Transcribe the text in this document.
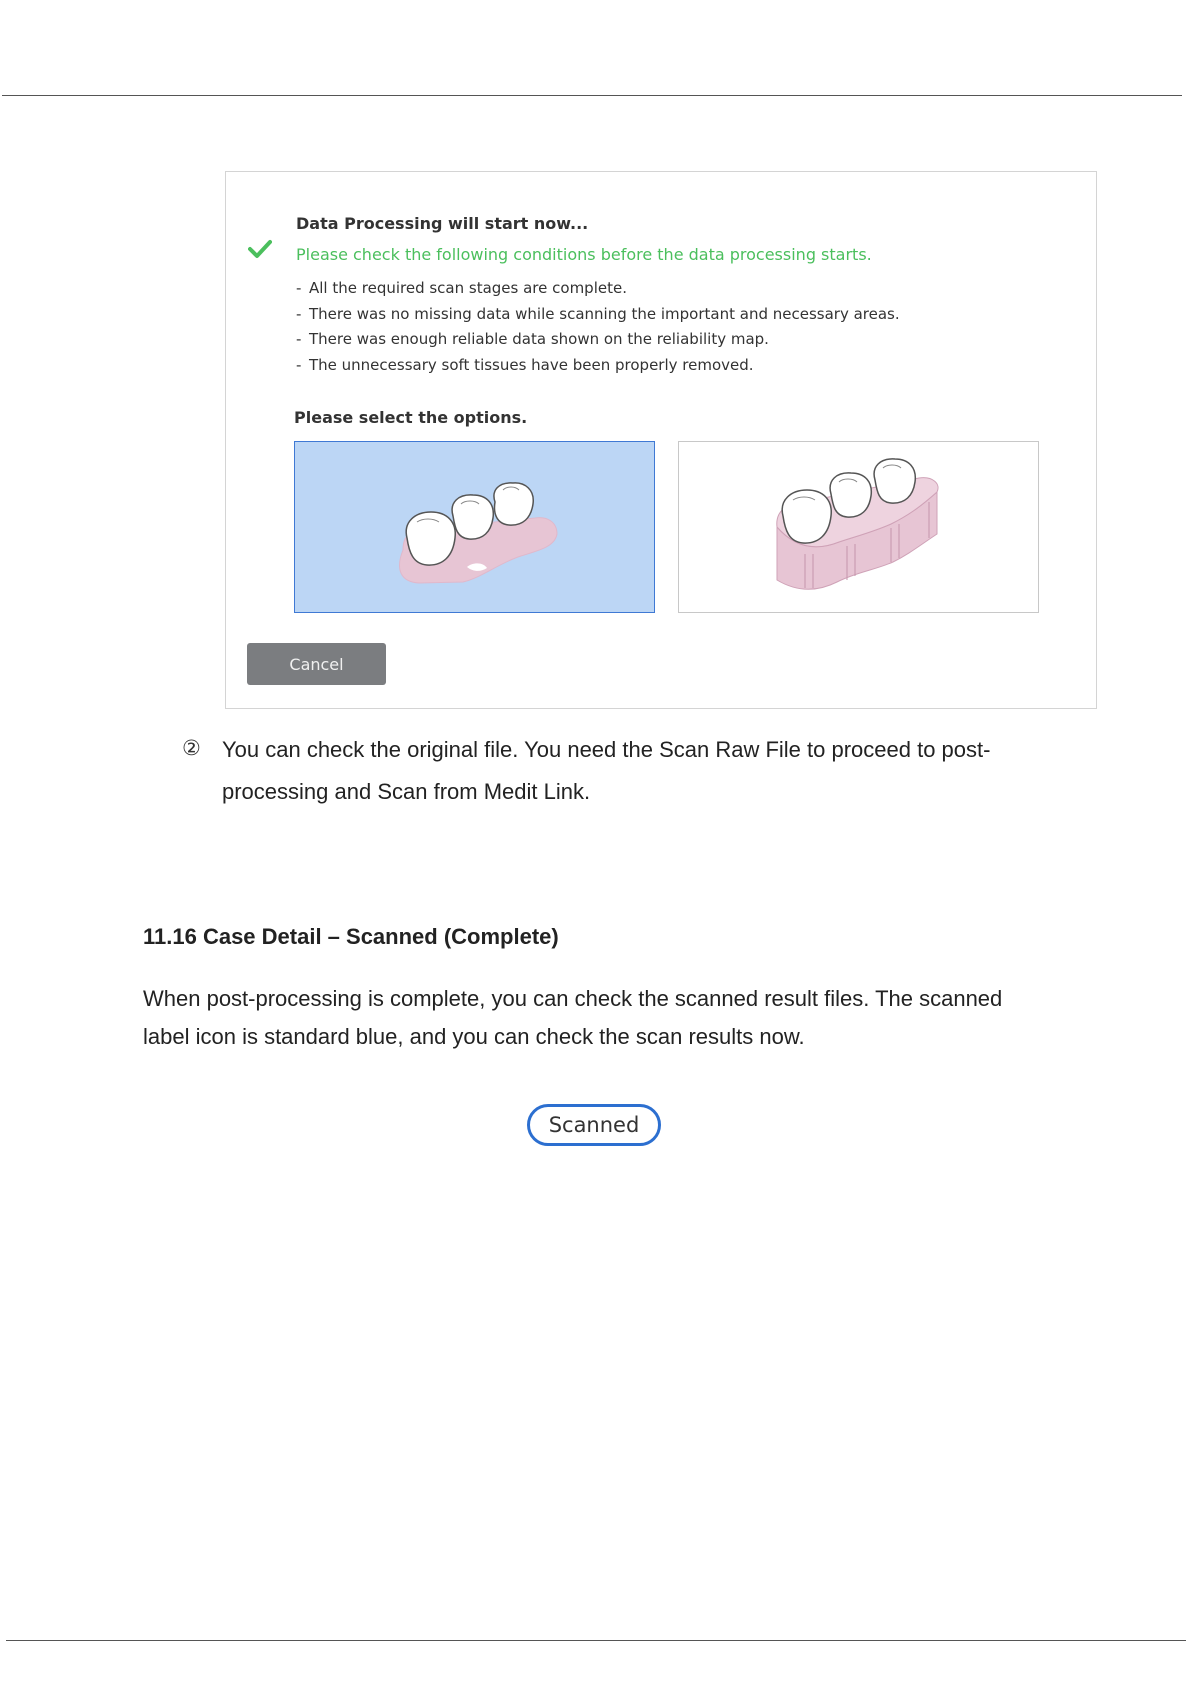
Data Processing will start now...
Please check the following conditions before the data processing starts.
- All the required scan stages are complete.
- There was no missing data while scanning the important and necessary areas.
- There was enough reliable data shown on the reliability map.
- The unnecessary soft tissues have been properly removed.
Please select the options.
Cancel
② You can check the original file. You need the Scan Raw File to proceed to post-processing and Scan from Medit Link.
11.16 Case Detail – Scanned (Complete)
When post-processing is complete, you can check the scanned result files. The scanned label icon is standard blue, and you can check the scan results now.
Scanned
